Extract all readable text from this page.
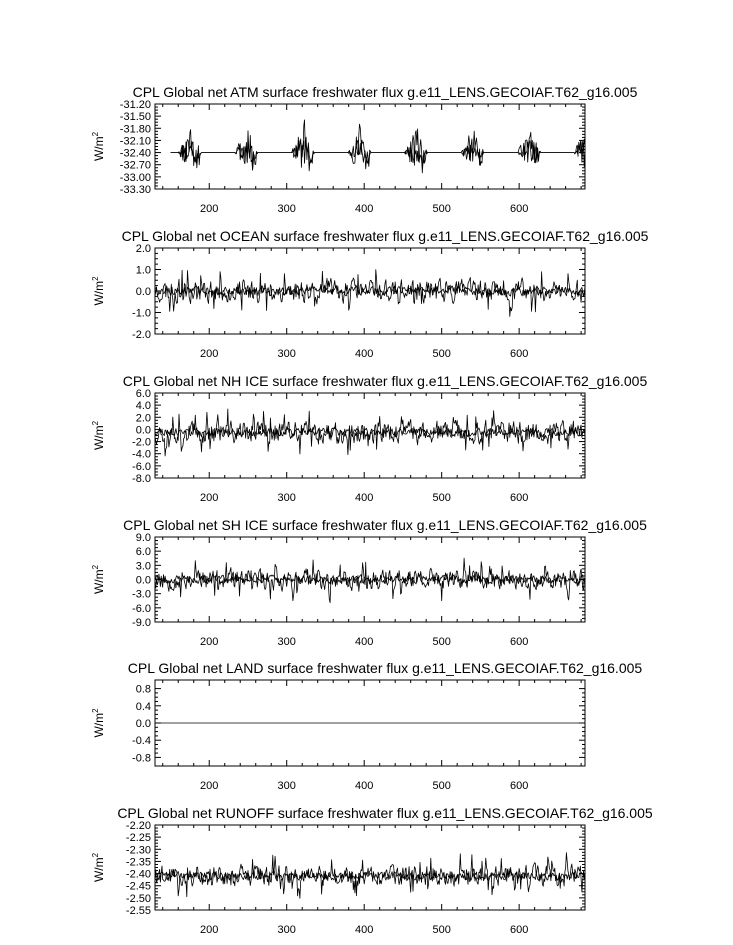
CPL Global net ATM surface freshwater flux g.e11_LENS.GECOIAF.T62_g16.005
$W/m^2$
-31.20
-31.50
-31.80
-32.10
-32.40
-32.70
-33.00
-33.30
200	300	400	500	600
CPL Global net OCEAN surface freshwater flux g.e11_LENS.GECOIAF.T62_g16.005
$W/m^2$
2.0
1.0
0.0
-1.0
-2.0
200	300	400	500	600
CPL Global net NH ICE surface freshwater flux g.e11_LENS.GECOIAF.T62_g16.005
$W/m^2$
6.0
4.0
2.0
0.0
-2.0
-4.0
-6.0
-8.0
200	300	400	500	600
CPL Global net SH ICE surface freshwater flux g.e11_LENS.GECOIAF.T62_g16.005
$W/m^2$
9.0
6.0
3.0
0.0
-3.0
-6.0
-9.0
200	300	400	500	600
CPL Global net LAND surface freshwater flux g.e11_LENS.GECOIAF.T62_g16.005
$W/m^2$
0.8
0.4
0.0
-0.4
-0.8
200	300	400	500	600
CPL Global net RUNOFF surface freshwater flux g.e11_LENS.GECOIAF.T62_g16.005
$W/m^2$
-2.20
-2.25
-2.30
-2.35
-2.40
-2.45
-2.50
-2.55
200	300	400	500	600
